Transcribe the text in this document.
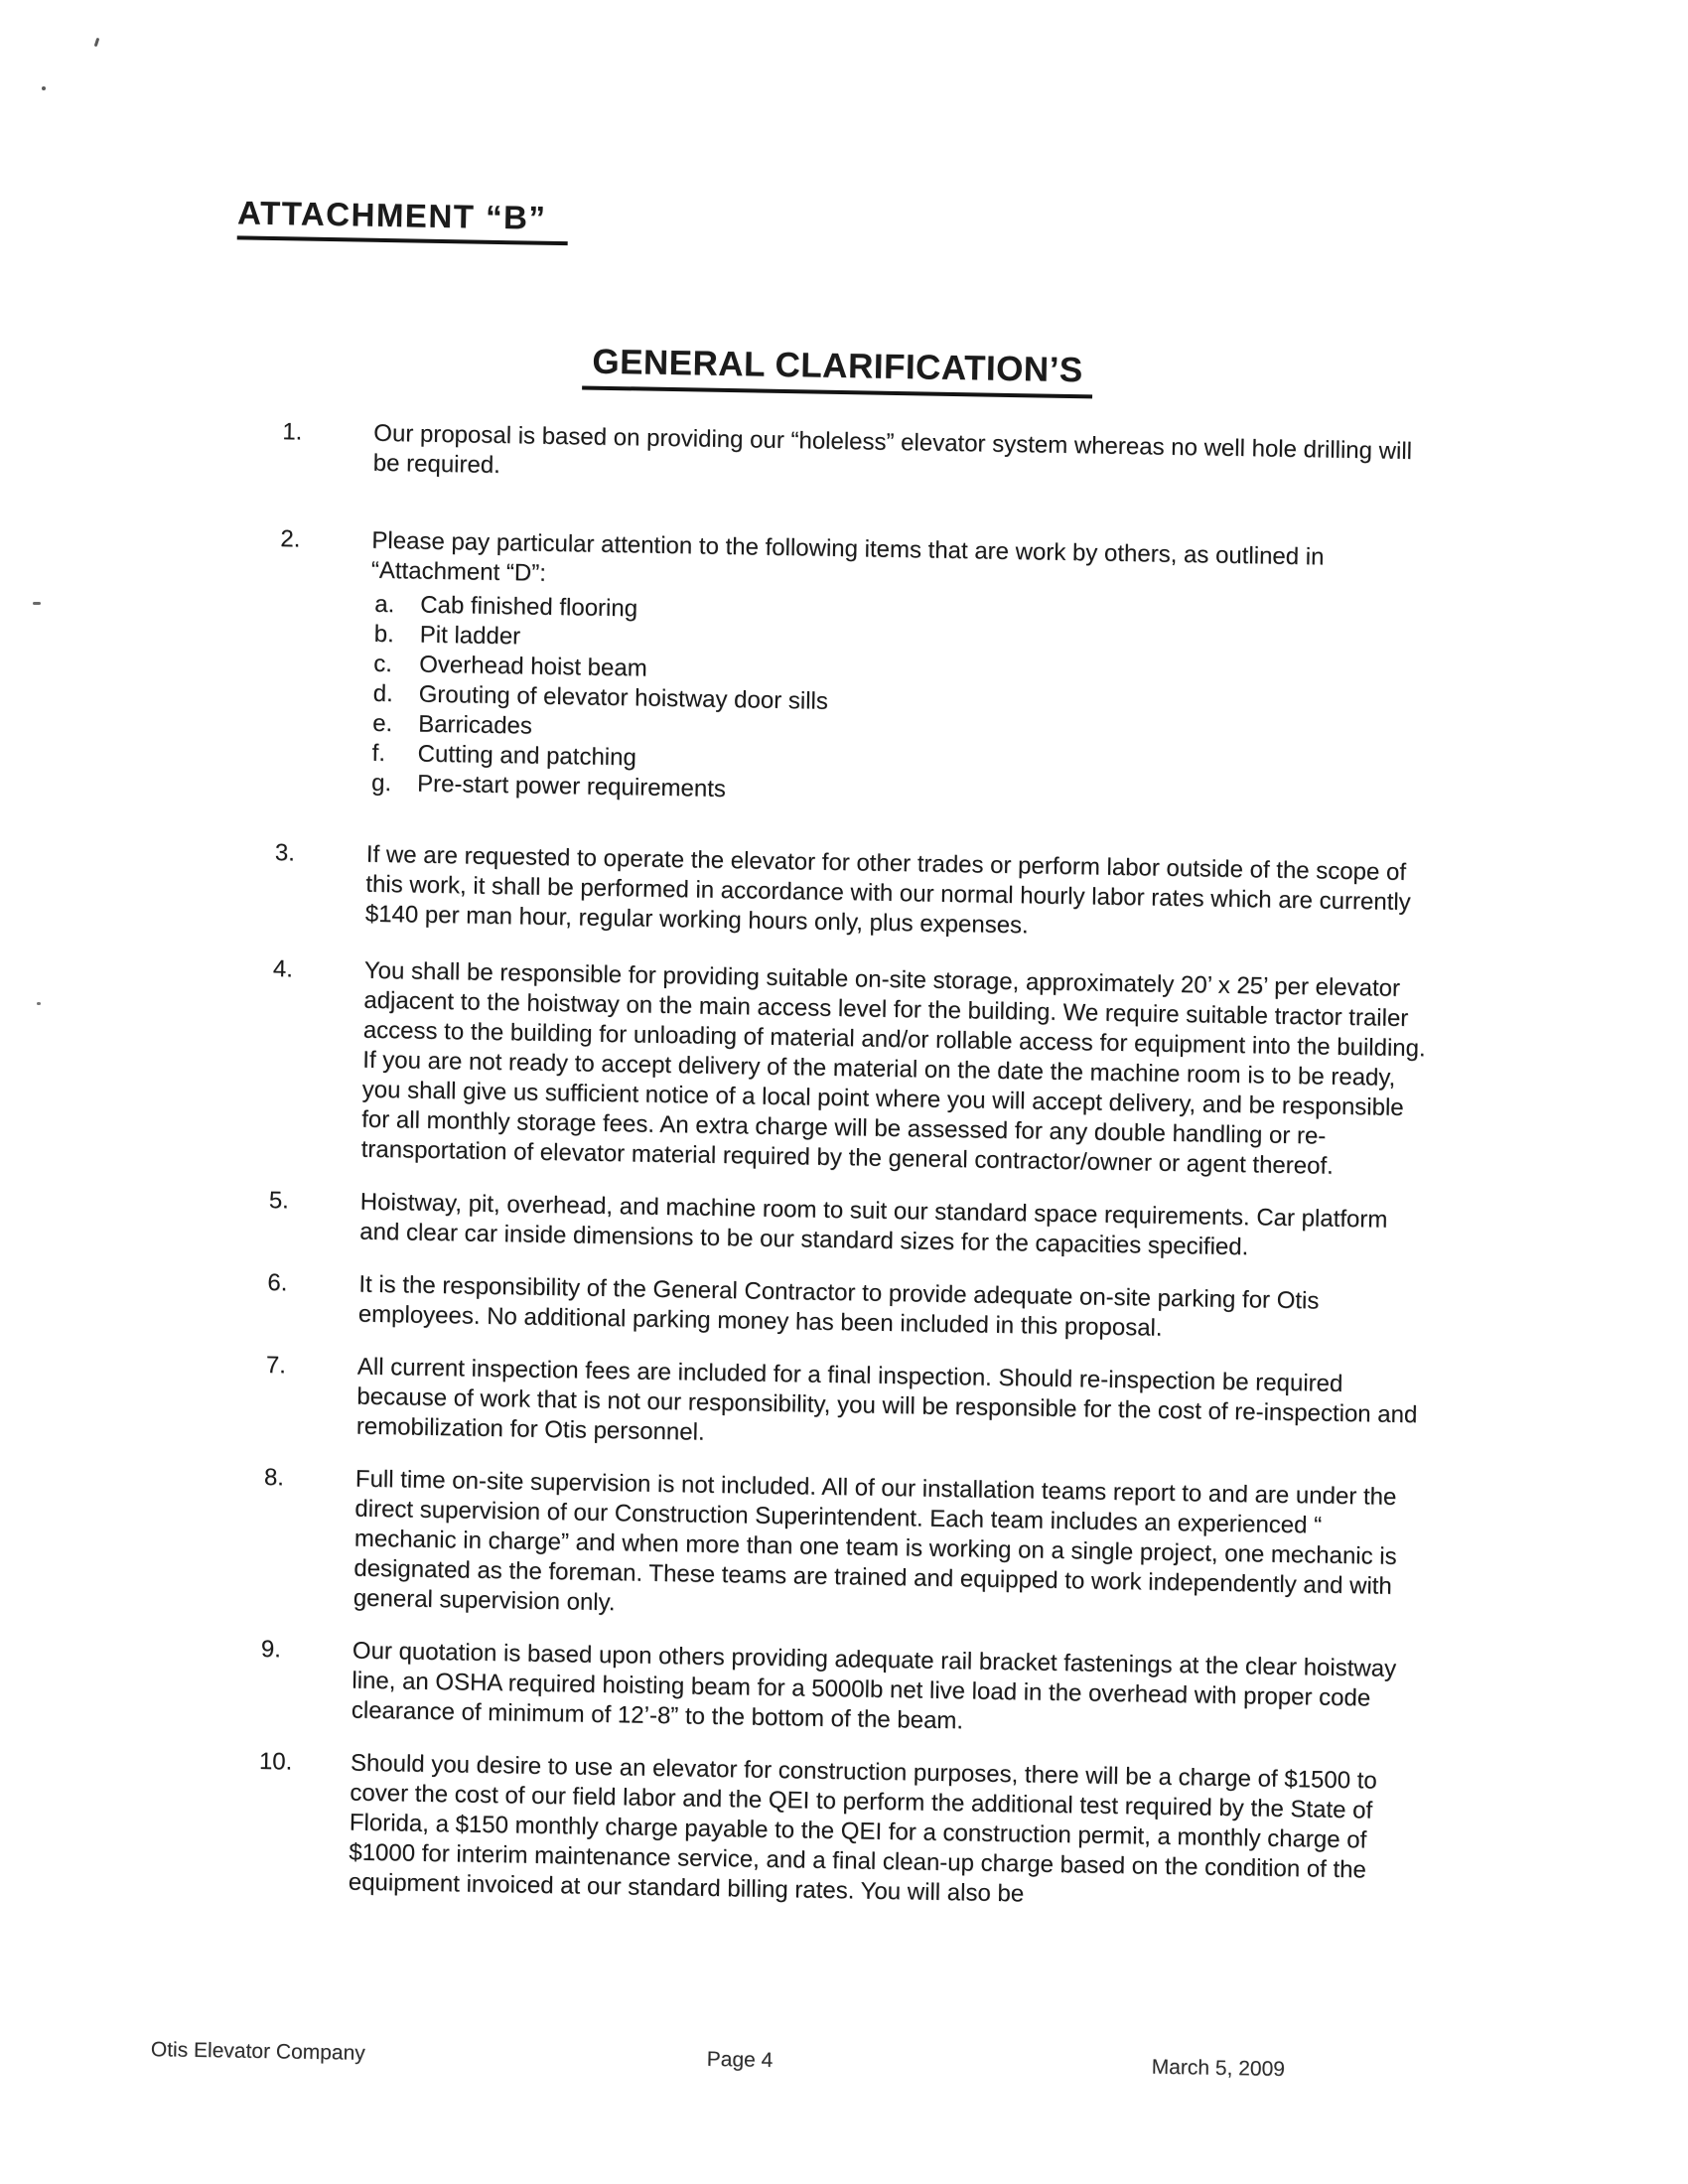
ATTACHMENT “B”
GENERAL CLARIFICATION’S
1.	Our proposal is based on providing our “holeless” elevator system whereas no well hole drilling will be required.
2.	Please pay particular attention to the following items that are work by others, as outlined in “Attachment “D”:
a.	Cab finished flooring
b.	Pit ladder
c.	Overhead hoist beam
d.	Grouting of elevator hoistway door sills
e.	Barricades
f.	Cutting and patching
g.	Pre-start power requirements
3.	If we are requested to operate the elevator for other trades or perform labor outside of the scope of this work, it shall be performed in accordance with our normal hourly labor rates which are currently $140 per man hour, regular working hours only, plus expenses.
4.	You shall be responsible for providing suitable on-site storage, approximately 20’ x 25’ per elevator adjacent to the hoistway on the main access level for the building. We require suitable tractor trailer access to the building for unloading of material and/or rollable access for equipment into the building. If you are not ready to accept delivery of the material on the date the machine room is to be ready, you shall give us sufficient notice of a local point where you will accept delivery, and be responsible for all monthly storage fees. An extra charge will be assessed for any double handling or re-transportation of elevator material required by the general contractor/owner or agent thereof.
5.	Hoistway, pit, overhead, and machine room to suit our standard space requirements. Car platform and clear car inside dimensions to be our standard sizes for the capacities specified.
6.	It is the responsibility of the General Contractor to provide adequate on-site parking for Otis employees. No additional parking money has been included in this proposal.
7.	All current inspection fees are included for a final inspection. Should re-inspection be required because of work that is not our responsibility, you will be responsible for the cost of re-inspection and remobilization for Otis personnel.
8.	Full time on-site supervision is not included. All of our installation teams report to and are under the direct supervision of our Construction Superintendent. Each team includes an experienced “ mechanic in charge” and when more than one team is working on a single project, one mechanic is designated as the foreman. These teams are trained and equipped to work independently and with general supervision only.
9.	Our quotation is based upon others providing adequate rail bracket fastenings at the clear hoistway line, an OSHA required hoisting beam for a 5000lb net live load in the overhead with proper code clearance of minimum of 12’-8” to the bottom of the beam.
10.	Should you desire to use an elevator for construction purposes, there will be a charge of $1500 to cover the cost of our field labor and the QEI to perform the additional test required by the State of Florida, a $150 monthly charge payable to the QEI for a construction permit, a monthly charge of $1000 for interim maintenance service, and a final clean-up charge based on the condition of the equipment invoiced at our standard billing rates. You will also be
Otis Elevator Company	Page 4	March 5, 2009
